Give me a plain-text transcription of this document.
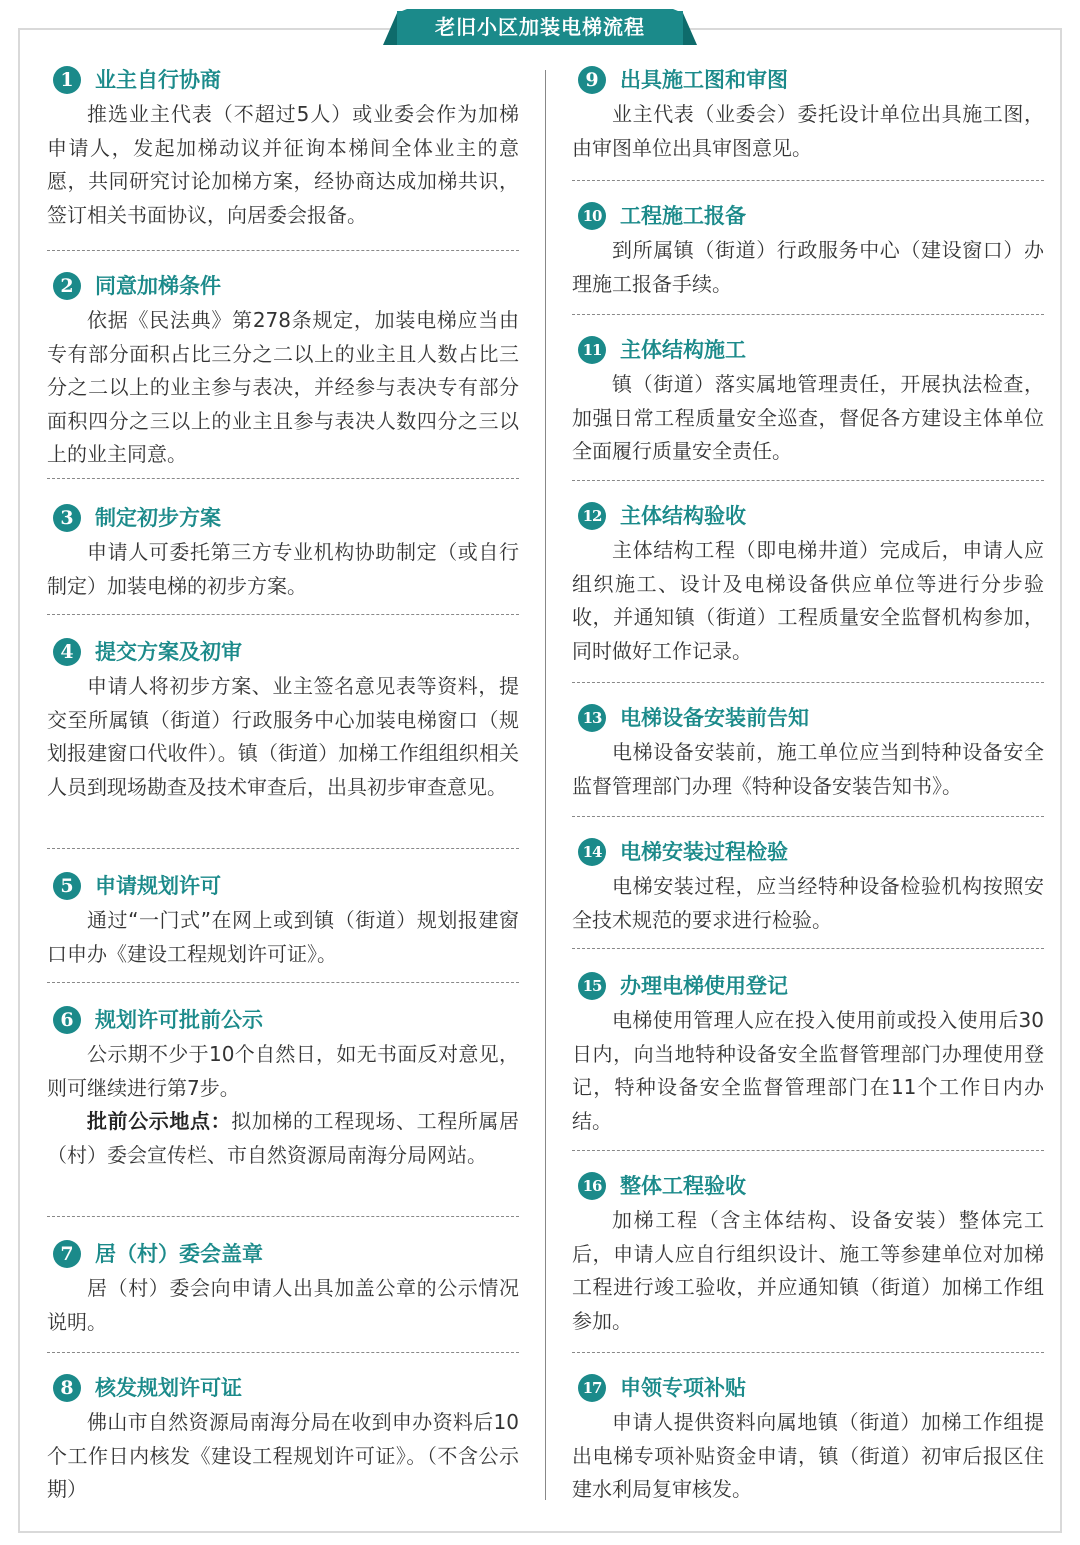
老旧小区加装电梯流程
1	业主自行协商

推选业主代表（不超过5人）或业委会作为加梯申请人，发起加梯动议并征询本梯间全体业主的意愿，共同研究讨论加梯方案，经协商达成加梯共识，签订相关书面协议，向居委会报备。

2	同意加梯条件

依据《民法典》第278条规定，加装电梯应当由专有部分面积占比三分之二以上的业主且人数占比三分之二以上的业主参与表决，并经参与表决专有部分面积四分之三以上的业主且参与表决人数四分之三以上的业主同意。

3	制定初步方案

申请人可委托第三方专业机构协助制定（或自行制定）加装电梯的初步方案。

4	提交方案及初审

申请人将初步方案、业主签名意见表等资料，提交至所属镇（街道）行政服务中心加装电梯窗口（规划报建窗口代收件）。镇（街道）加梯工作组组织相关人员到现场勘查及技术审查后，出具初步审查意见。

5	申请规划许可

通过“一门式”在网上或到镇（街道）规划报建窗口申办《建设工程规划许可证》。

6	规划许可批前公示

公示期不少于10个自然日，如无书面反对意见，则可继续进行第7步。

批前公示地点：拟加梯的工程现场、工程所属居（村）委会宣传栏、市自然资源局南海分局网站。

7	居（村）委会盖章

居（村）委会向申请人出具加盖公章的公示情况说明。

8	核发规划许可证

佛山市自然资源局南海分局在收到申办资料后10个工作日内核发《建设工程规划许可证》。（不含公示期）

9	出具施工图和审图

业主代表（业委会）委托设计单位出具施工图，由审图单位出具审图意见。

10 工程施工报备

到所属镇（街道）行政服务中心（建设窗口）办理施工报备手续。

11 主体结构施工

镇（街道）落实属地管理责任，开展执法检查，加强日常工程质量安全巡查，督促各方建设主体单位全面履行质量安全责任。

12 主体结构验收

主体结构工程（即电梯井道）完成后，申请人应组织施工、设计及电梯设备供应单位等进行分步验收，并通知镇（街道）工程质量安全监督机构参加，同时做好工作记录。

13 电梯设备安装前告知

电梯设备安装前，施工单位应当到特种设备安全监督管理部门办理《特种设备安装告知书》。

14 电梯安装过程检验

电梯安装过程，应当经特种设备检验机构按照安全技术规范的要求进行检验。

15 办理电梯使用登记

电梯使用管理人应在投入使用前或投入使用后30日内，向当地特种设备安全监督管理部门办理使用登记，特种设备安全监督管理部门在11个工作日内办结。

16 整体工程验收

加梯工程（含主体结构、设备安装）整体完工后，申请人应自行组织设计、施工等参建单位对加梯工程进行竣工验收，并应通知镇（街道）加梯工作组参加。

17 申领专项补贴

申请人提供资料向属地镇（街道）加梯工作组提出电梯专项补贴资金申请，镇（街道）初审后报区住建水利局复审核发。
